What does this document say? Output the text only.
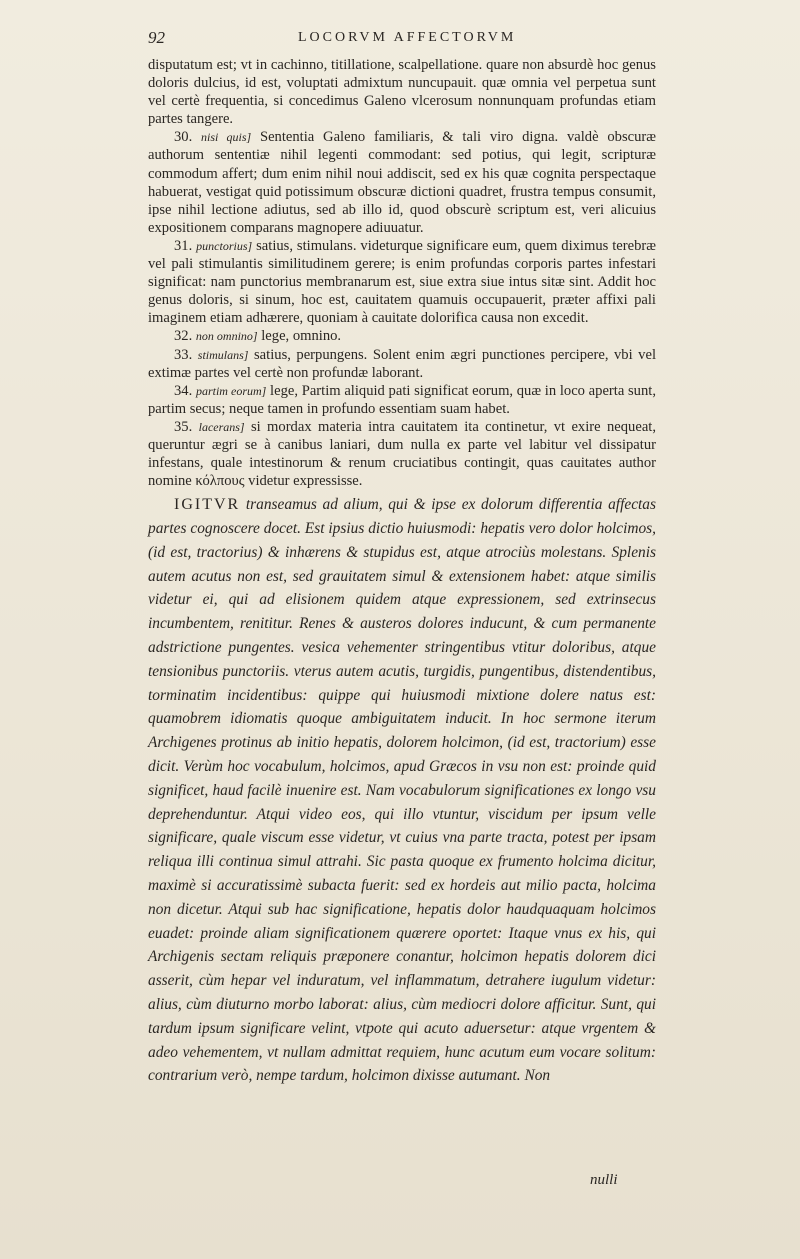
92	LOCORVM AFFECTORVM

disputatum est; vt in cachinno, titillatione, scalpellatione. quare non absurdè hoc genus doloris dulcius, id est, voluptati admixtum nuncupauit. quæ omnia vel perpetua sunt vel certè frequentia, si concedimus Galeno vlcerosum nonnunquam profundas etiam partes tangere.

30. nisi quis] Sententia Galeno familiaris, & tali viro digna. valdè obscuræ authorum sententiæ nihil legenti commodant: sed potius, qui legit, scripturæ commodum affert; dum enim nihil noui addiscit, sed ex his quæ cognita perspectaque habuerat, vestigat quid potissimum obscuræ dictioni quadret, frustra tempus consumit, ipse nihil lectione adiutus, sed ab illo id, quod obscurè scriptum est, veri alicuius expositionem comparans magnopere adiuuatur.

31. punctorius] satius, stimulans. videturque significare eum, quem diximus terebræ vel pali stimulantis similitudinem gerere; is enim profundas corporis partes infestari significat: nam punctorius membranarum est, siue extra siue intus sitæ sint. Addit hoc genus doloris, si sinum, hoc est, cauitatem quamuis occupauerit, præter affixi pali imaginem etiam adhærere, quoniam à cauitate dolorifica causa non excedit.

32. non omnino] lege, omnino.

33. stimulans] satius, perpungens. Solent enim ægri punctiones percipere, vbi vel extimæ partes vel certè non profundæ laborant.

34. partim eorum] lege, Partim aliquid pati significat eorum, quæ in loco aperta sunt, partim secus; neque tamen in profundo essentiam suam habet.

35. lacerans] si mordax materia intra cauitatem ita continetur, vt exire nequeat, queruntur ægri se à canibus laniari, dum nulla ex parte vel labitur vel dissipatur infestans, quale intestinorum & renum cruciatibus contingit, quas cauitates author nomine κόλπους videtur expressisse.

IGITVR transeamus ad alium, qui & ipse ex dolorum differentia affectas partes cognoscere docet. Est ipsius dictio huiusmodi: hepatis vero dolor holcimos, (id est, tractorius) & inhærens & stupidus est, atque atrociùs molestans. Splenis autem acutus non est, sed grauitatem simul & extensionem habet: atque similis videtur ei, qui ad elisionem quidem atque expressionem, sed extrinsecus incumbentem, renititur. Renes & austeros dolores inducunt, & cum permanente adstrictione pungentes. vesica vehementer stringentibus vtitur doloribus, atque tensionibus punctoriis. vterus autem acutis, turgidis, pungentibus, distendentibus, torminatim incidentibus: quippe qui huiusmodi mixtione dolere natus est: quamobrem idiomatis quoque ambiguitatem inducit. In hoc sermone iterum Archigenes protinus ab initio hepatis, dolorem holcimon, (id est, tractorium) esse dicit. Verùm hoc vocabulum, holcimos, apud Græcos in vsu non est: proinde quid significet, haud facilè inuenire est. Nam vocabulorum significationes ex longo vsu deprehenduntur. Atqui video eos, qui illo vtuntur, viscidum per ipsum velle significare, quale viscum esse videtur, vt cuius vna parte tracta, potest per ipsam reliqua illi continua simul attrahi. Sic pasta quoque ex frumento holcima dicitur, maximè si accuratissimè subacta fuerit: sed ex hordeis aut milio pacta, holcima non dicetur. Atqui sub hac significatione, hepatis dolor haudquaquam holcimos euadet: proinde aliam significationem quærere oportet: Itaque vnus ex his, qui Archigenis sectam reliquis præponere conantur, holcimon hepatis dolorem dici asserit, cùm hepar vel induratum, vel inflammatum, detrahere iugulum videtur: alius, cùm diuturno morbo laborat: alius, cùm mediocri dolore afficitur. Sunt, qui tardum ipsum significare velint, vtpote qui acuto aduersetur: atque vrgentem & adeo vehementem, vt nullam admittat requiem, hunc acutum eum vocare solitum: contrarium verò, nempe tardum, holcimon dixisse autumant. Non

nulli
